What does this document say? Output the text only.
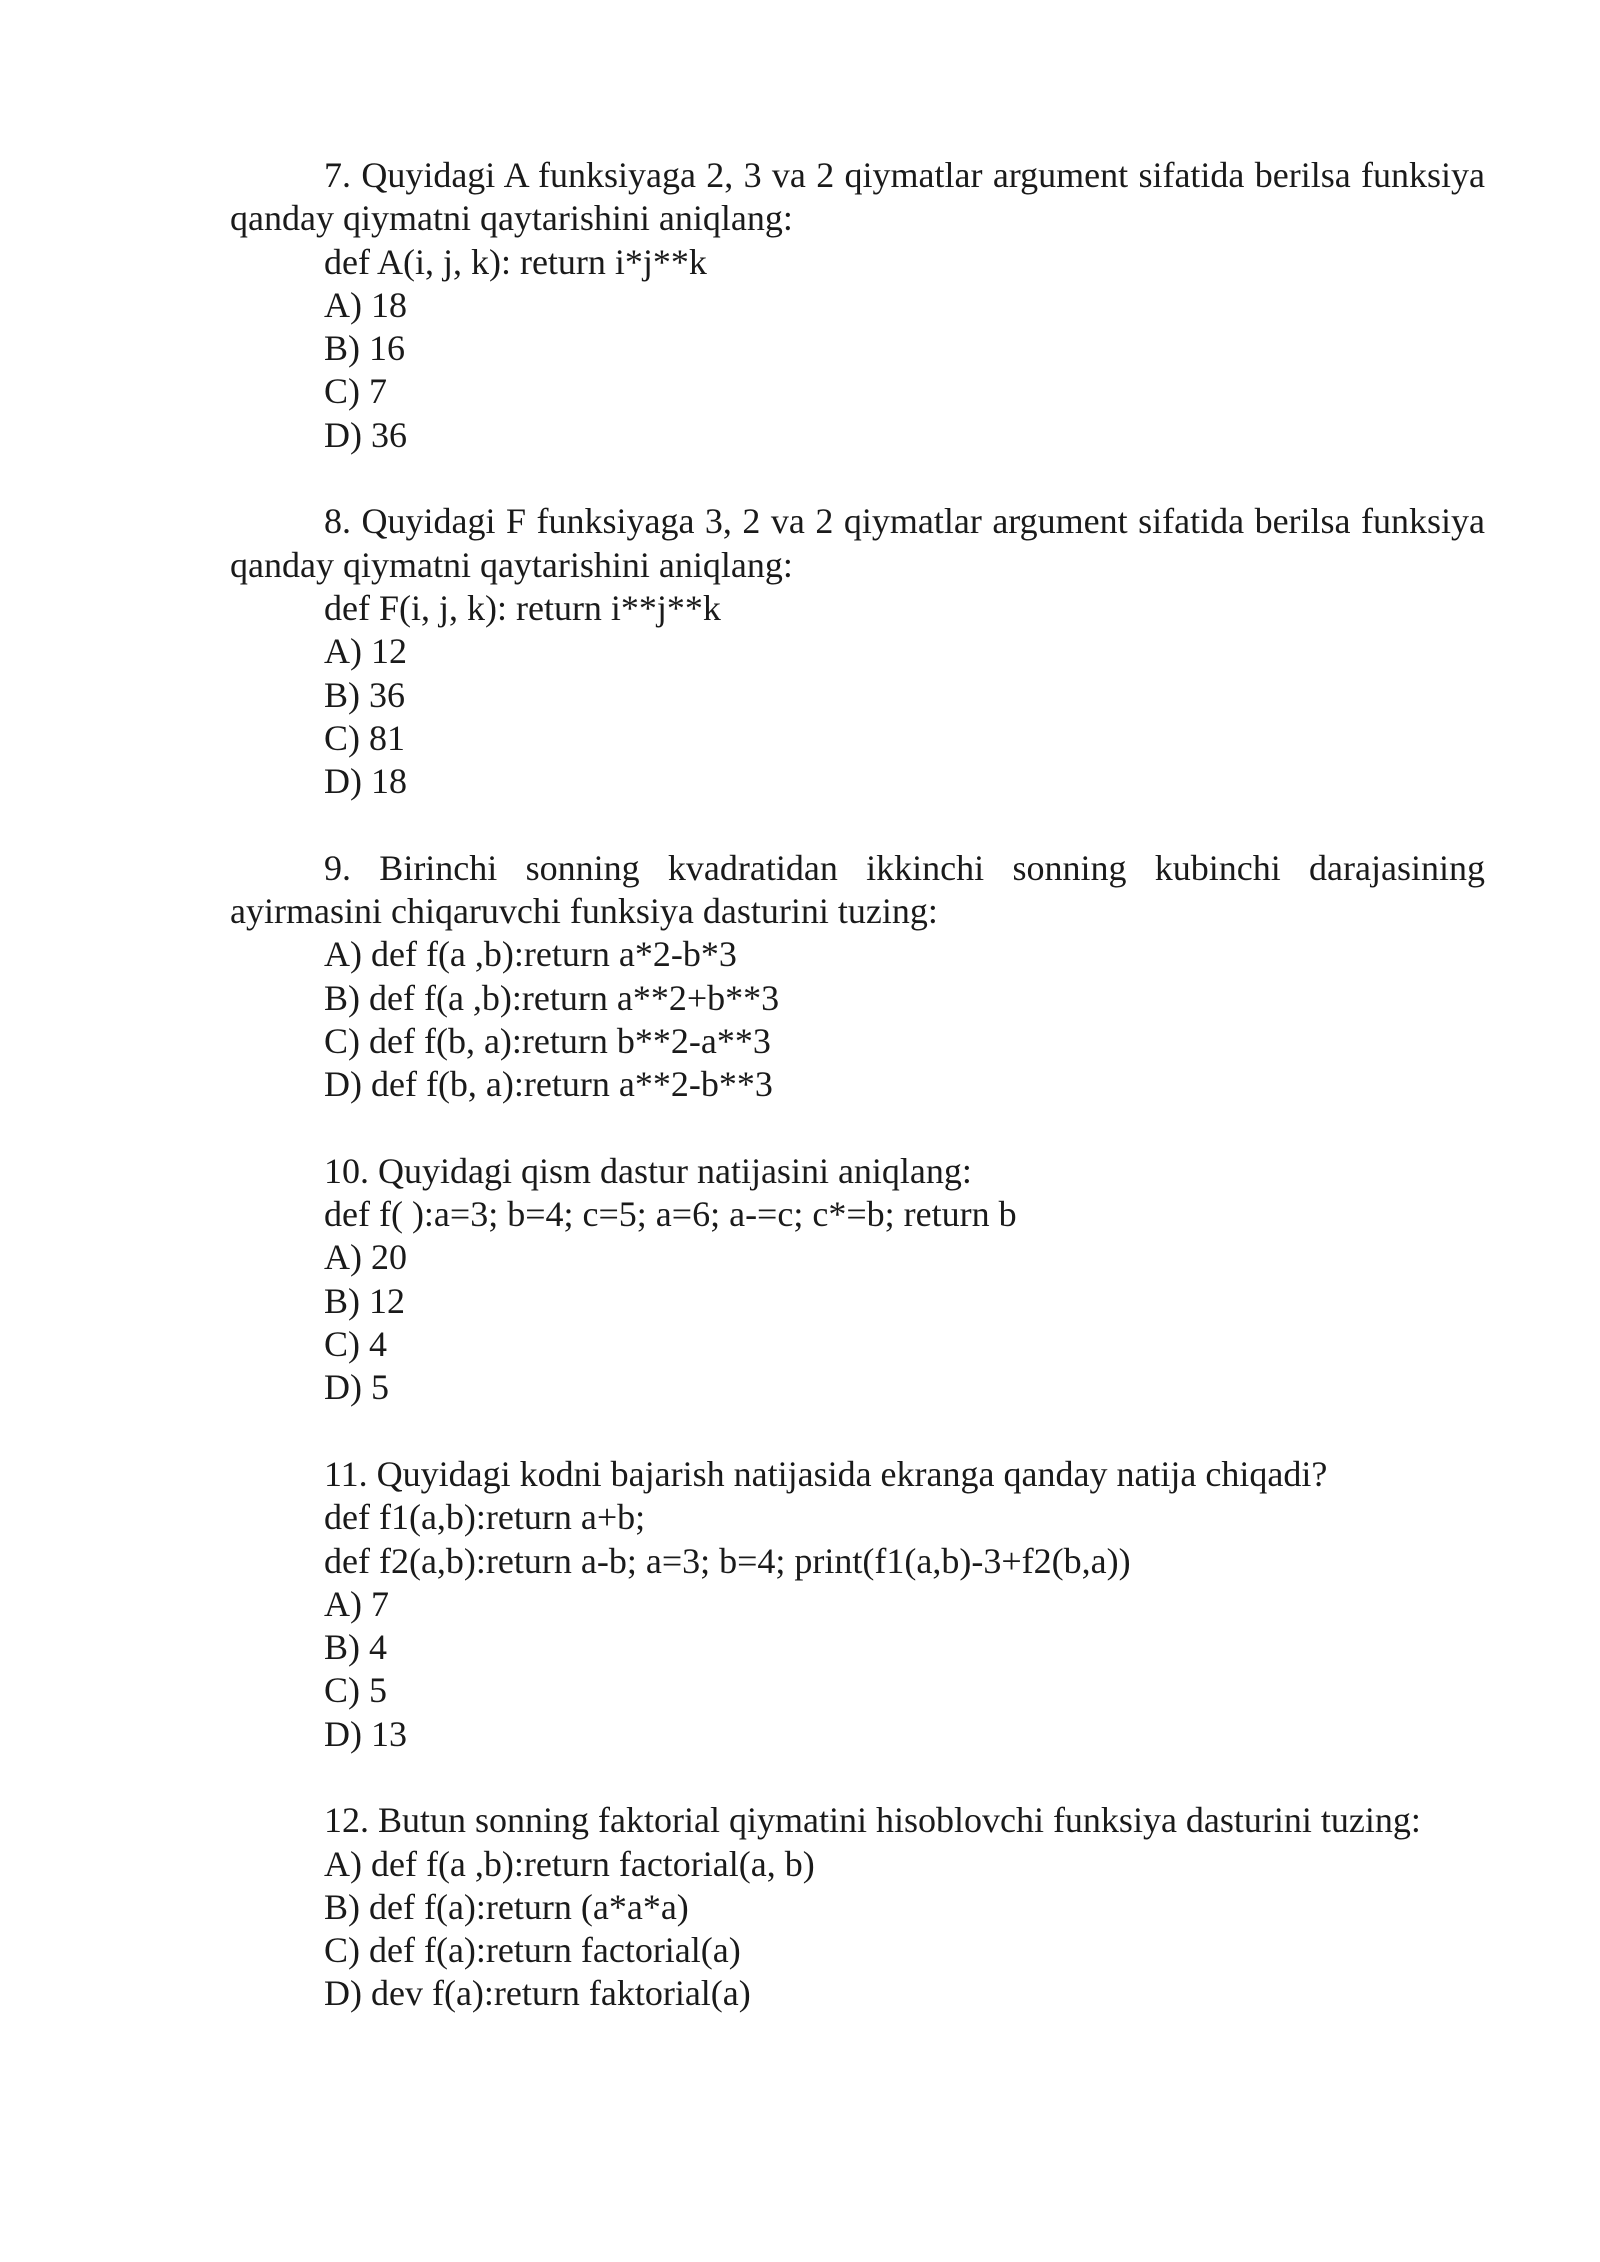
7. Quyidagi A funksiyaga 2, 3 va 2 qiymatlar argument sifatida berilsa funksiya qanday qiymatni qaytarishini aniqlang:

def A(i, j, k): return i*j**k

A) 18

B) 16

C) 7

D) 36

8. Quyidagi F funksiyaga 3, 2 va 2 qiymatlar argument sifatida berilsa funksiya qanday qiymatni qaytarishini aniqlang:

def F(i, j, k): return i**j**k

A) 12

B) 36

C) 81

D) 18

9. Birinchi sonning kvadratidan ikkinchi sonning kubinchi darajasining ayirmasini chiqaruvchi funksiya dasturini tuzing:

A) def f(a ,b):return a*2-b*3

B) def f(a ,b):return a**2+b**3

C) def f(b, a):return b**2-a**3

D) def f(b, a):return a**2-b**3

10. Quyidagi qism dastur natijasini aniqlang:

def f( ):a=3; b=4; c=5; a=6; a-=c; c*=b; return b

A) 20

B) 12

C) 4

D) 5

11. Quyidagi kodni bajarish natijasida ekranga qanday natija chiqadi?

def f1(a,b):return a+b;

def f2(a,b):return a-b; a=3; b=4; print(f1(a,b)-3+f2(b,a))

A) 7

B) 4

C) 5

D) 13

12. Butun sonning faktorial qiymatini hisoblovchi funksiya dasturini tuzing:

A) def f(a ,b):return factorial(a, b)

B) def f(a):return (a*a*a)

C) def f(a):return factorial(a)

D) dev f(a):return faktorial(a)
